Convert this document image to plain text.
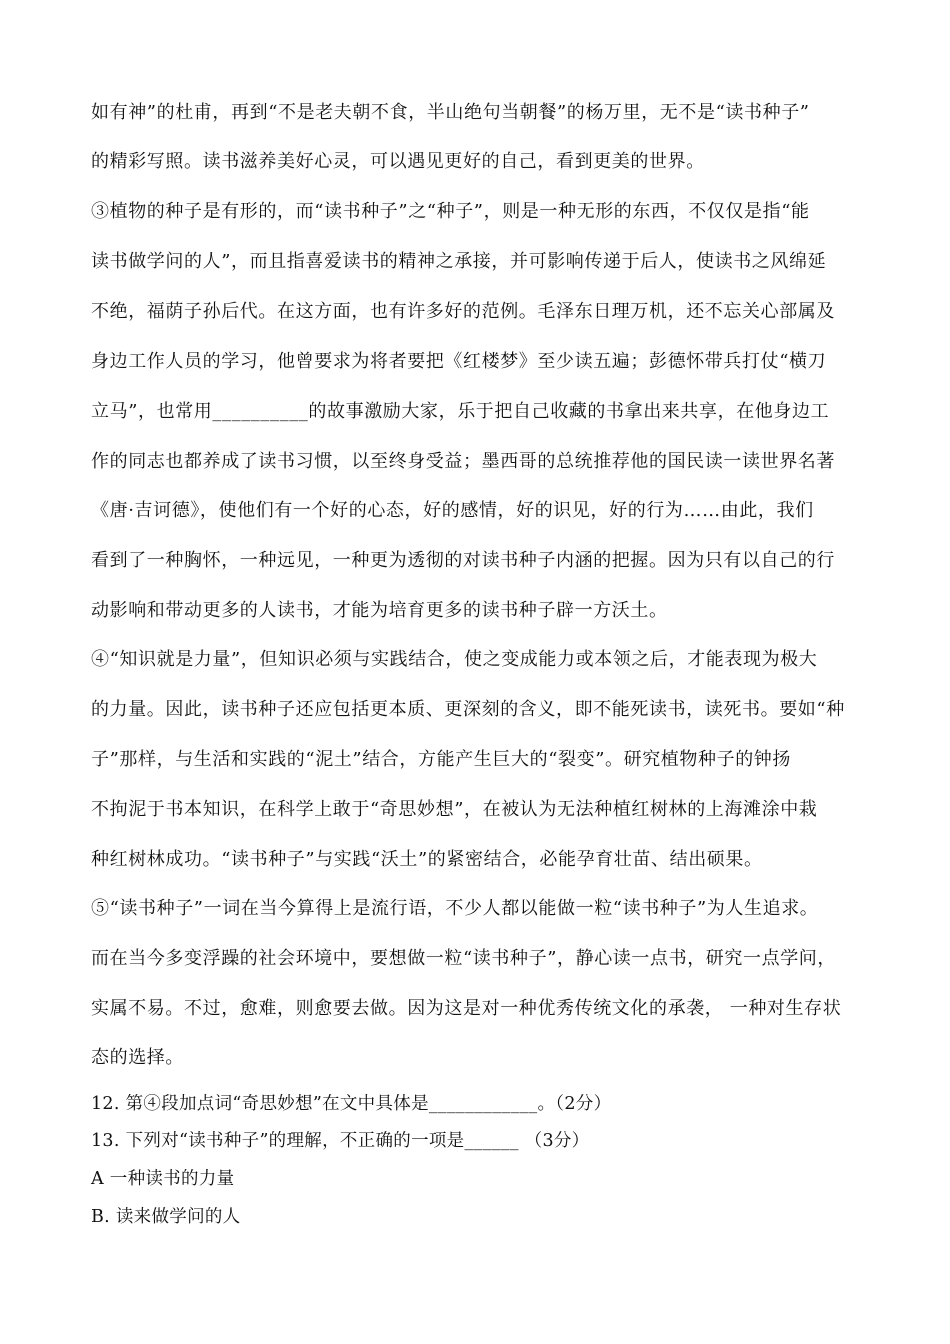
如有神”的杜甫，再到“不是老夫朝不食，半山绝句当朝餐”的杨万里，无不是“读书种子”
的精彩写照。读书滋养美好心灵，可以遇见更好的自己，看到更美的世界。
③植物的种子是有形的，而“读书种子”之“种子”，则是一种无形的东西，不仅仅是指“能
读书做学问的人”，而且指喜爱读书的精神之承接，并可影响传递于后人，使读书之风绵延
不绝，福荫子孙后代。在这方面，也有许多好的范例。毛泽东日理万机，还不忘关心部属及
身边工作人员的学习，他曾要求为将者要把《红楼梦》至少读五遍；彭德怀带兵打仗“横刀
立马”，也常用__________的故事激励大家，乐于把自己收藏的书拿出来共享，在他身边工
作的同志也都养成了读书习惯，以至终身受益；墨西哥的总统推荐他的国民读一读世界名著
《唐·吉诃德》，使他们有一个好的心态，好的感情，好的识见，好的行为……由此，我们
看到了一种胸怀，一种远见，一种更为透彻的对读书种子内涵的把握。因为只有以自己的行
动影响和带动更多的人读书，才能为培育更多的读书种子辟一方沃土。
④“知识就是力量”，但知识必须与实践结合，使之变成能力或本领之后，才能表现为极大
的力量。因此，读书种子还应包括更本质、更深刻的含义，即不能死读书，读死书。要如“种
子”那样，与生活和实践的“泥土”结合，方能产生巨大的“裂变”。研究植物种子的钟扬
不拘泥于书本知识，在科学上敢于“奇思妙想”，在被认为无法种植红树林的上海滩涂中栽
种红树林成功。“读书种子”与实践“沃土”的紧密结合，必能孕育壮苗、结出硕果。
⑤“读书种子”一词在当今算得上是流行语，不少人都以能做一粒“读书种子”为人生追求。
而在当今多变浮躁的社会环境中，要想做一粒“读书种子”，静心读一点书，研究一点学问，
实属不易。不过，愈难，则愈要去做。因为这是对一种优秀传统文化的承袭， 一种对生存状
态的选择。
12. 第④段加点词“奇思妙想”在文中具体是____________。（2分）
13. 下列对“读书种子”的理解，不正确的一项是______ （3分）
A 一种读书的力量
B. 读来做学问的人
